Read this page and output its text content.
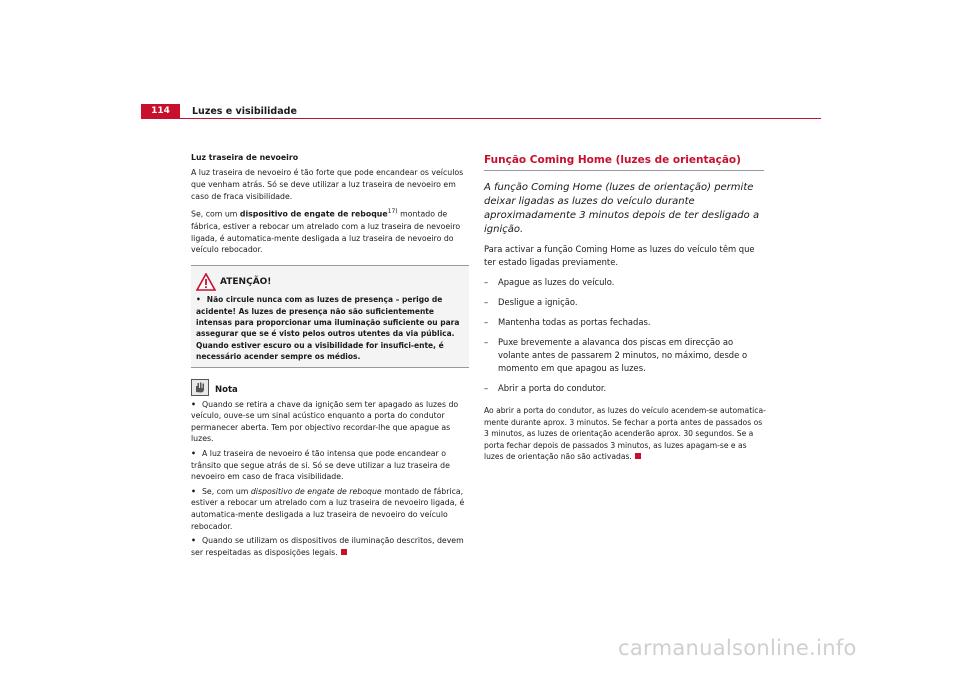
114	Luzes e visibilidade

Luz traseira de nevoeiro

A luz traseira de nevoeiro é tão forte que pode encandear os veículos que venham atrás. Só se deve utilizar a luz traseira de nevoeiro em caso de fraca visibilidade.

Se, com um dispositivo de engate de reboque$^{17)}$ montado de fábrica, estiver a rebocar um atrelado com a luz traseira de nevoeiro ligada, é automatica-mente desligada a luz traseira de nevoeiro do veículo rebocador.

ATENÇÃO!

• Não circule nunca com as luzes de presença – perigo de acidente! As luzes de presença não são suficientemente intensas para proporcionar uma iluminação suficiente ou para assegurar que se é visto pelos outros utentes da via pública. Quando estiver escuro ou a visibilidade for insufici-ente, é necessário acender sempre os médios.

Nota

• Quando se retira a chave da ignição sem ter apagado as luzes do veículo, ouve-se um sinal acústico enquanto a porta do condutor permanecer aberta. Tem por objectivo recordar-lhe que apague as luzes.

• A luz traseira de nevoeiro é tão intensa que pode encandear o trânsito que segue atrás de si. Só se deve utilizar a luz traseira de nevoeiro em caso de fraca visibilidade.

• Se, com um dispositivo de engate de reboque montado de fábrica, estiver a rebocar um atrelado com a luz traseira de nevoeiro ligada, é automatica-mente desligada a luz traseira de nevoeiro do veículo rebocador.

• Quando se utilizam os dispositivos de iluminação descritos, devem ser respeitadas as disposições legais.

Função Coming Home (luzes de orientação)

A função Coming Home (luzes de orientação) permite deixar ligadas as luzes do veículo durante aproximadamente 3 minutos depois de ter desligado a ignição.

Para activar a função Coming Home as luzes do veículo têm que ter estado ligadas previamente.

–	Apague as luzes do veículo.
–	Desligue a ignição.
–	Mantenha todas as portas fechadas.
–	Puxe brevemente a alavanca dos piscas em direcção ao volante antes de passarem 2 minutos, no máximo, desde o momento em que apagou as luzes.
–	Abrir a porta do condutor.

Ao abrir a porta do condutor, as luzes do veículo acendem-se automatica-mente durante aprox. 3 minutos. Se fechar a porta antes de passados os 3 minutos, as luzes de orientação acenderão aprox. 30 segundos. Se a porta fechar depois de passados 3 minutos, as luzes apagam-se e as luzes de orientação não são activadas.

carmanualsonline.info
